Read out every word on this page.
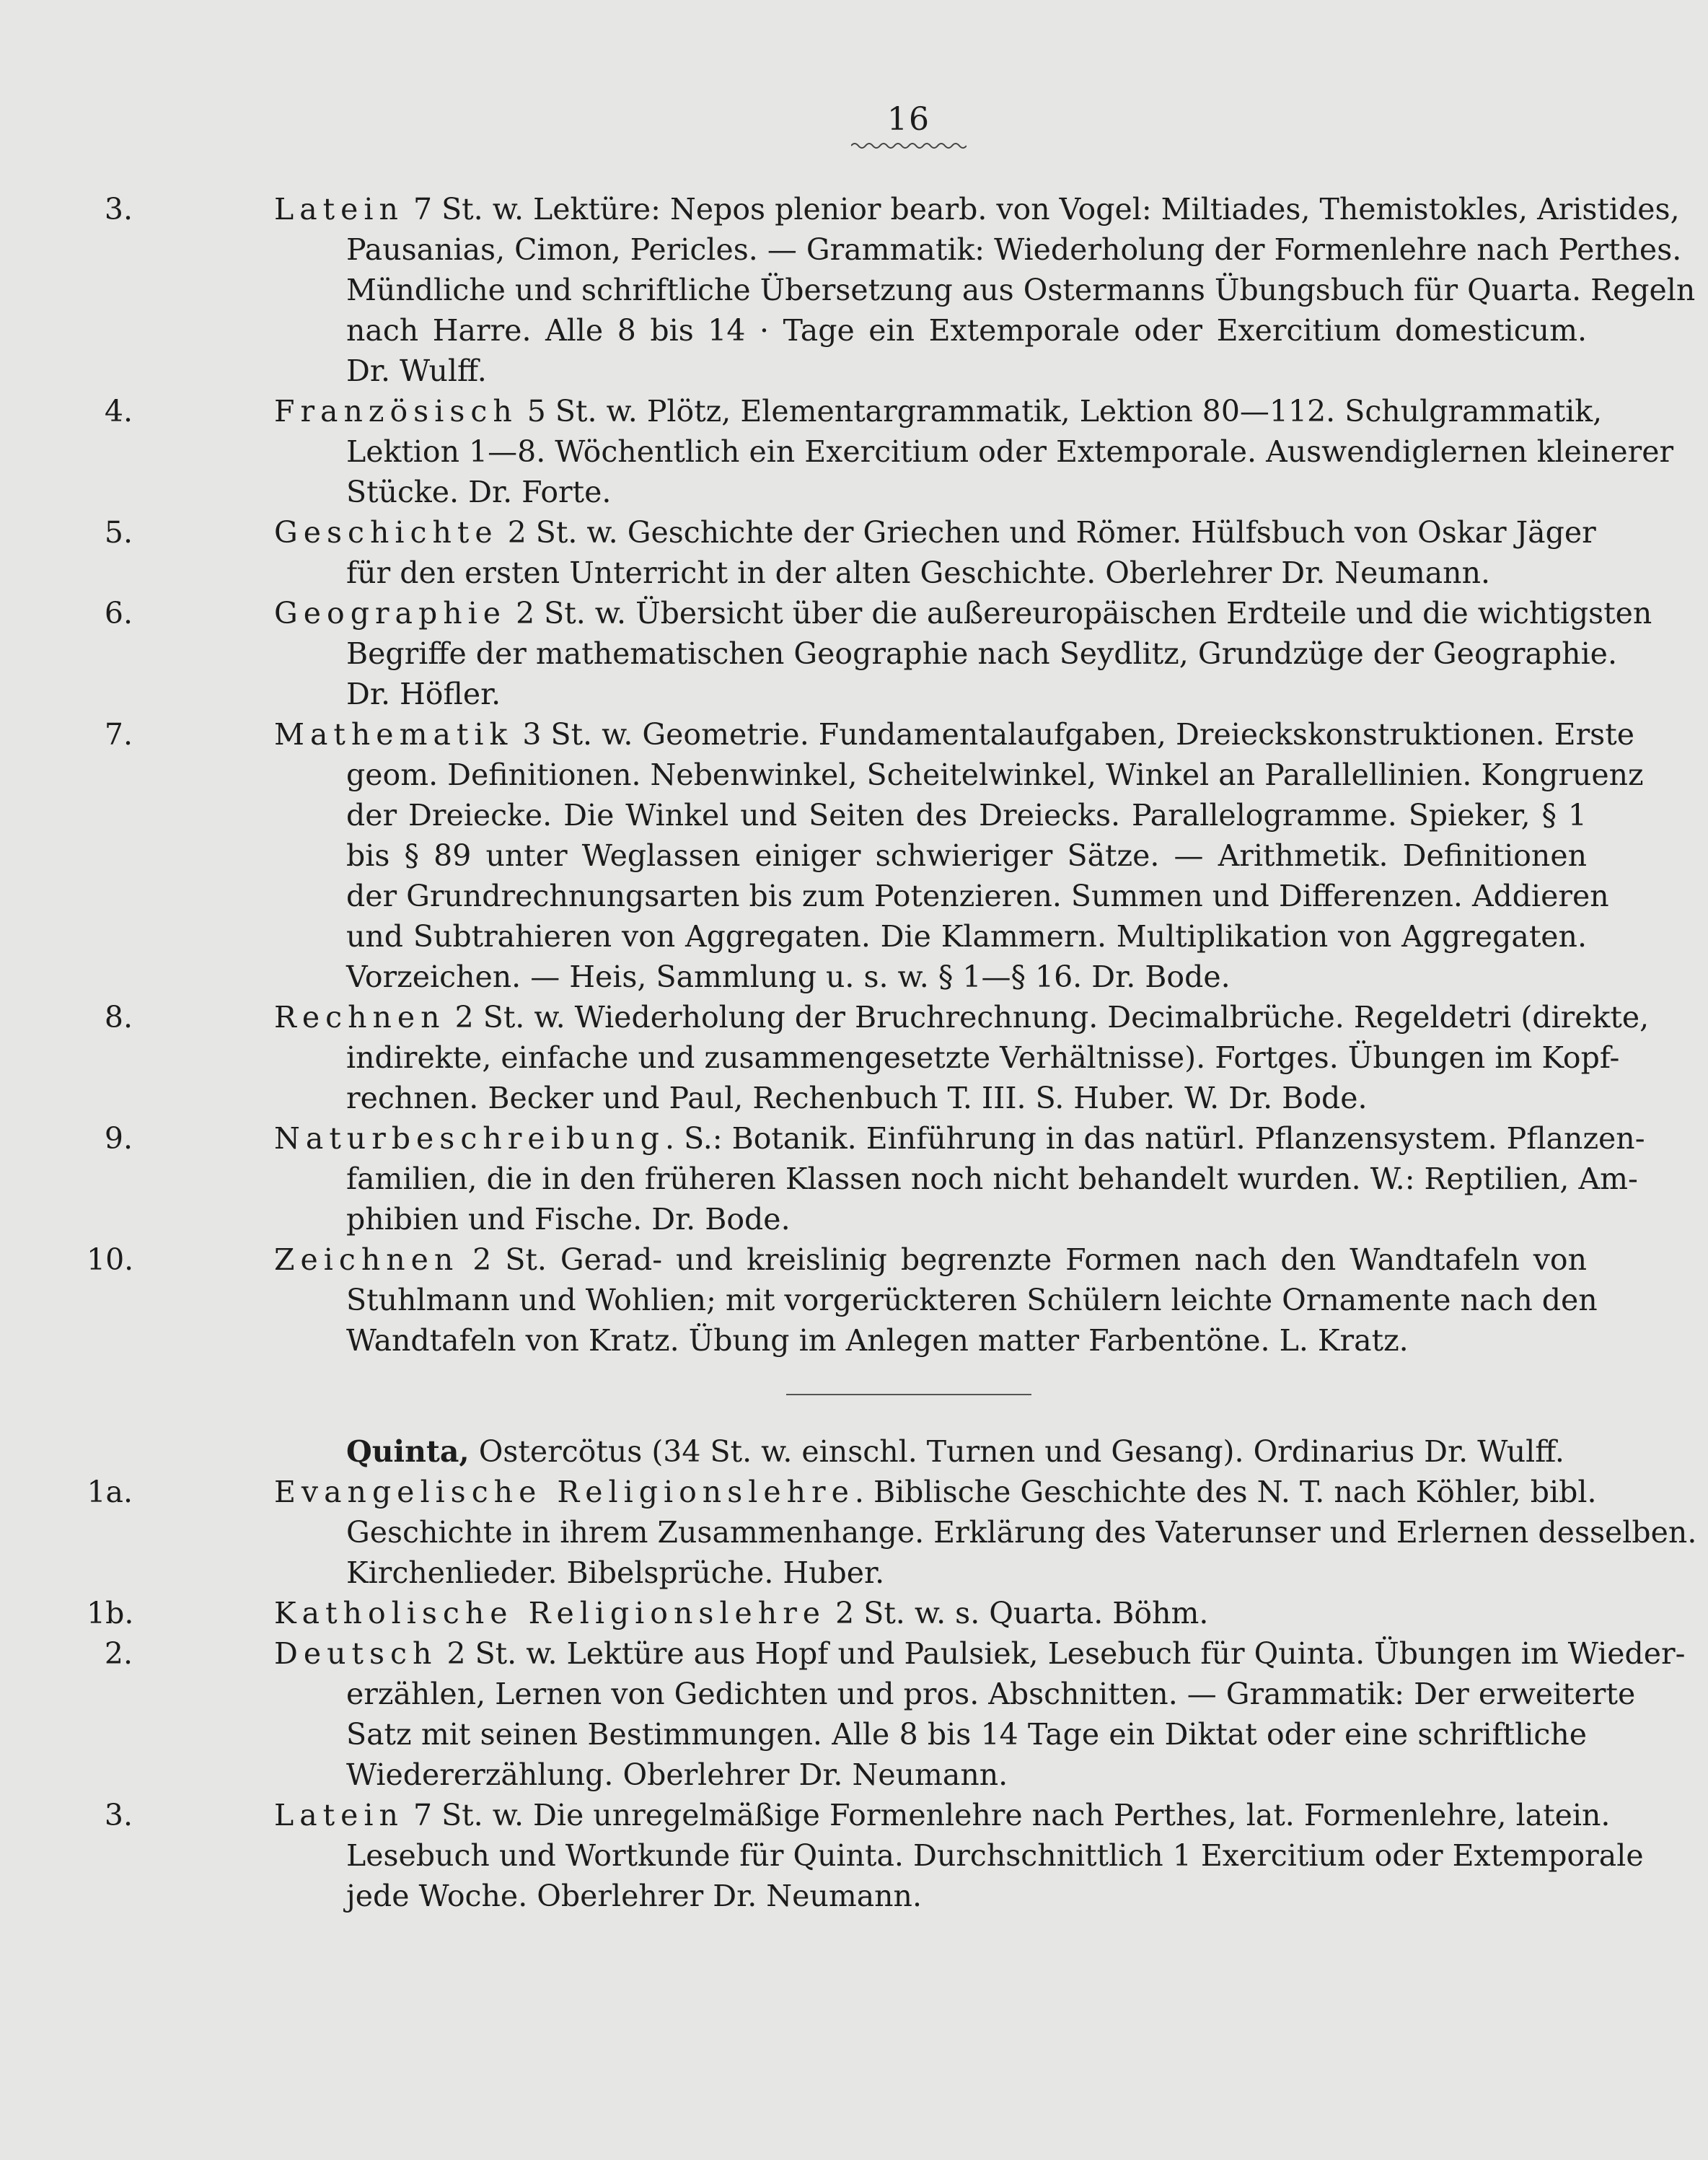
16
3.	Latein 7 St. w. Lektüre: Nepos plenior bearb. von Vogel: Miltiades, Themistokles, Aristides,
Pausanias, Cimon, Pericles. — Grammatik: Wiederholung der Formenlehre nach Perthes.
Mündliche und schriftliche Übersetzung aus Ostermanns Übungsbuch für Quarta. Regeln
nach Harre. Alle 8 bis 14 · Tage ein Extemporale oder Exercitium domesticum.
Dr. Wulff.
4.	Französisch 5 St. w. Plötz, Elementargrammatik, Lektion 80—112. Schulgrammatik,
Lektion 1—8. Wöchentlich ein Exercitium oder Extemporale. Auswendiglernen kleinerer
Stücke. Dr. Forte.
5.	Geschichte 2 St. w. Geschichte der Griechen und Römer. Hülfsbuch von Oskar Jäger
für den ersten Unterricht in der alten Geschichte. Oberlehrer Dr. Neumann.
6.	Geographie 2 St. w. Übersicht über die außereuropäischen Erdteile und die wichtigsten
Begriffe der mathematischen Geographie nach Seydlitz, Grundzüge der Geographie.
Dr. Höfler.
7.	Mathematik 3 St. w. Geometrie. Fundamentalaufgaben, Dreieckskonstruktionen. Erste
geom. Definitionen. Nebenwinkel, Scheitelwinkel, Winkel an Parallellinien. Kongruenz
der Dreiecke. Die Winkel und Seiten des Dreiecks. Parallelogramme. Spieker, § 1
bis § 89 unter Weglassen einiger schwieriger Sätze. — Arithmetik. Definitionen
der Grundrechnungsarten bis zum Potenzieren. Summen und Differenzen. Addieren
und Subtrahieren von Aggregaten. Die Klammern. Multiplikation von Aggregaten.
Vorzeichen. — Heis, Sammlung u. s. w. § 1—§ 16. Dr. Bode.
8.	Rechnen 2 St. w. Wiederholung der Bruchrechnung. Decimalbrüche. Regeldetri (direkte,
indirekte, einfache und zusammengesetzte Verhältnisse). Fortges. Übungen im Kopf-
rechnen. Becker und Paul, Rechenbuch T. III. S. Huber. W. Dr. Bode.
9.	Naturbeschreibung. S.: Botanik. Einführung in das natürl. Pflanzensystem. Pflanzen-
familien, die in den früheren Klassen noch nicht behandelt wurden. W.: Reptilien, Am-
phibien und Fische. Dr. Bode.
10.	Zeichnen 2 St. Gerad- und kreislinig begrenzte Formen nach den Wandtafeln von
Stuhlmann und Wohlien; mit vorgerückteren Schülern leichte Ornamente nach den
Wandtafeln von Kratz. Übung im Anlegen matter Farbentöne. L. Kratz.
Quinta, Ostercötus (34 St. w. einschl. Turnen und Gesang). Ordinarius Dr. Wulff.
1a.	Evangelische Religionslehre. Biblische Geschichte des N. T. nach Köhler, bibl.
Geschichte in ihrem Zusammenhange. Erklärung des Vaterunser und Erlernen desselben.
Kirchenlieder. Bibelsprüche. Huber.
1b.	Katholische Religionslehre 2 St. w. s. Quarta. Böhm.
2.	Deutsch 2 St. w. Lektüre aus Hopf und Paulsiek, Lesebuch für Quinta. Übungen im Wieder-
erzählen, Lernen von Gedichten und pros. Abschnitten. — Grammatik: Der erweiterte
Satz mit seinen Bestimmungen. Alle 8 bis 14 Tage ein Diktat oder eine schriftliche
Wiedererzählung. Oberlehrer Dr. Neumann.
3.	Latein 7 St. w. Die unregelmäßige Formenlehre nach Perthes, lat. Formenlehre, latein.
Lesebuch und Wortkunde für Quinta. Durchschnittlich 1 Exercitium oder Extemporale
jede Woche. Oberlehrer Dr. Neumann.
